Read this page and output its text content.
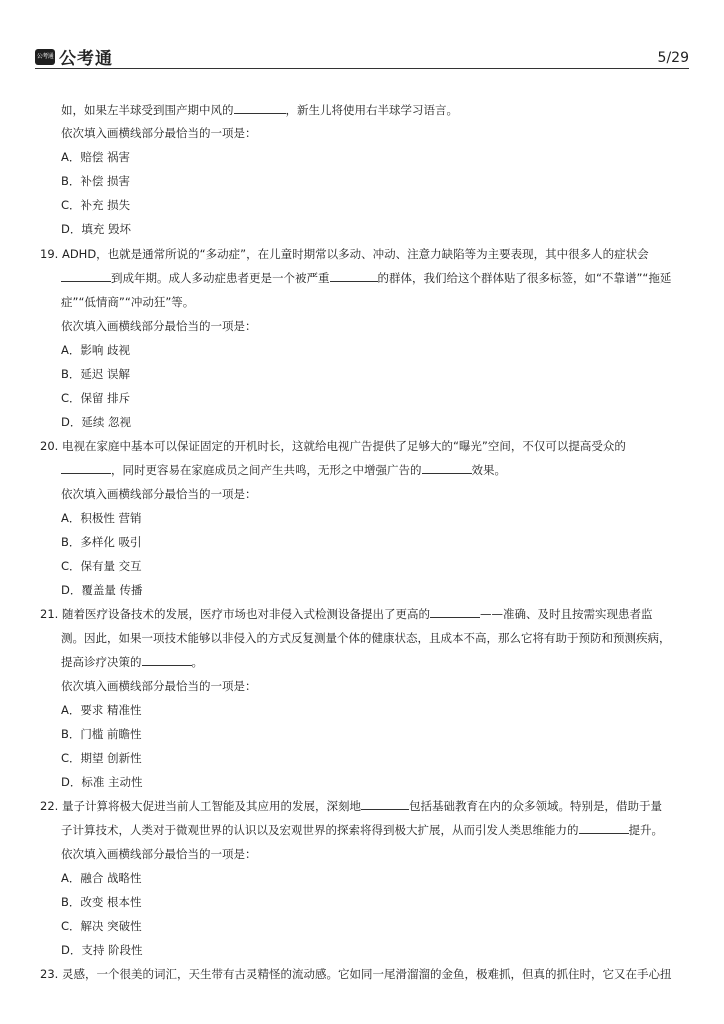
公考通 公考通	5/29
如，如果左半球受到围产期中风的	，新生儿将使用右半球学习语言。
依次填入画横线部分最恰当的一项是：
A．赔偿 祸害
B．补偿 损害
C．补充 损失
D．填充 毁坏
19. ADHD，也就是通常所说的“多动症”，在儿童时期常以多动、冲动、注意力缺陷等为主要表现，其中很多人的症状会
到成年期。成人多动症患者更是一个被严重	的群体，我们给这个群体贴了很多标签，如“不靠谱”“拖延
症”“低情商”“冲动狂”等。
依次填入画横线部分最恰当的一项是：
A．影响 歧视
B．延迟 误解
C．保留 排斥
D．延续 忽视
20. 电视在家庭中基本可以保证固定的开机时长，这就给电视广告提供了足够大的“曝光”空间，不仅可以提高受众的
，同时更容易在家庭成员之间产生共鸣，无形之中增强广告的	效果。
依次填入画横线部分最恰当的一项是：
A．积极性 营销
B．多样化 吸引
C．保有量 交互
D．覆盖量 传播
21. 随着医疗设备技术的发展，医疗市场也对非侵入式检测设备提出了更高的	——准确、及时且按需实现患者监
测。因此，如果一项技术能够以非侵入的方式反复测量个体的健康状态，且成本不高，那么它将有助于预防和预测疾病，
提高诊疗决策的	。
依次填入画横线部分最恰当的一项是：
A．要求 精准性
B．门槛 前瞻性
C．期望 创新性
D．标准 主动性
22. 量子计算将极大促进当前人工智能及其应用的发展，深刻地	包括基础教育在内的众多领域。特别是，借助于量
子计算技术，人类对于微观世界的认识以及宏观世界的探索将得到极大扩展，从而引发人类思维能力的	提升。
依次填入画横线部分最恰当的一项是：
A．融合 战略性
B．改变 根本性
C．解决 突破性
D．支持 阶段性
23. 灵感，一个很美的词汇，天生带有古灵精怪的流动感。它如同一尾滑溜溜的金鱼，极难抓，但真的抓住时，它又在手心扭
